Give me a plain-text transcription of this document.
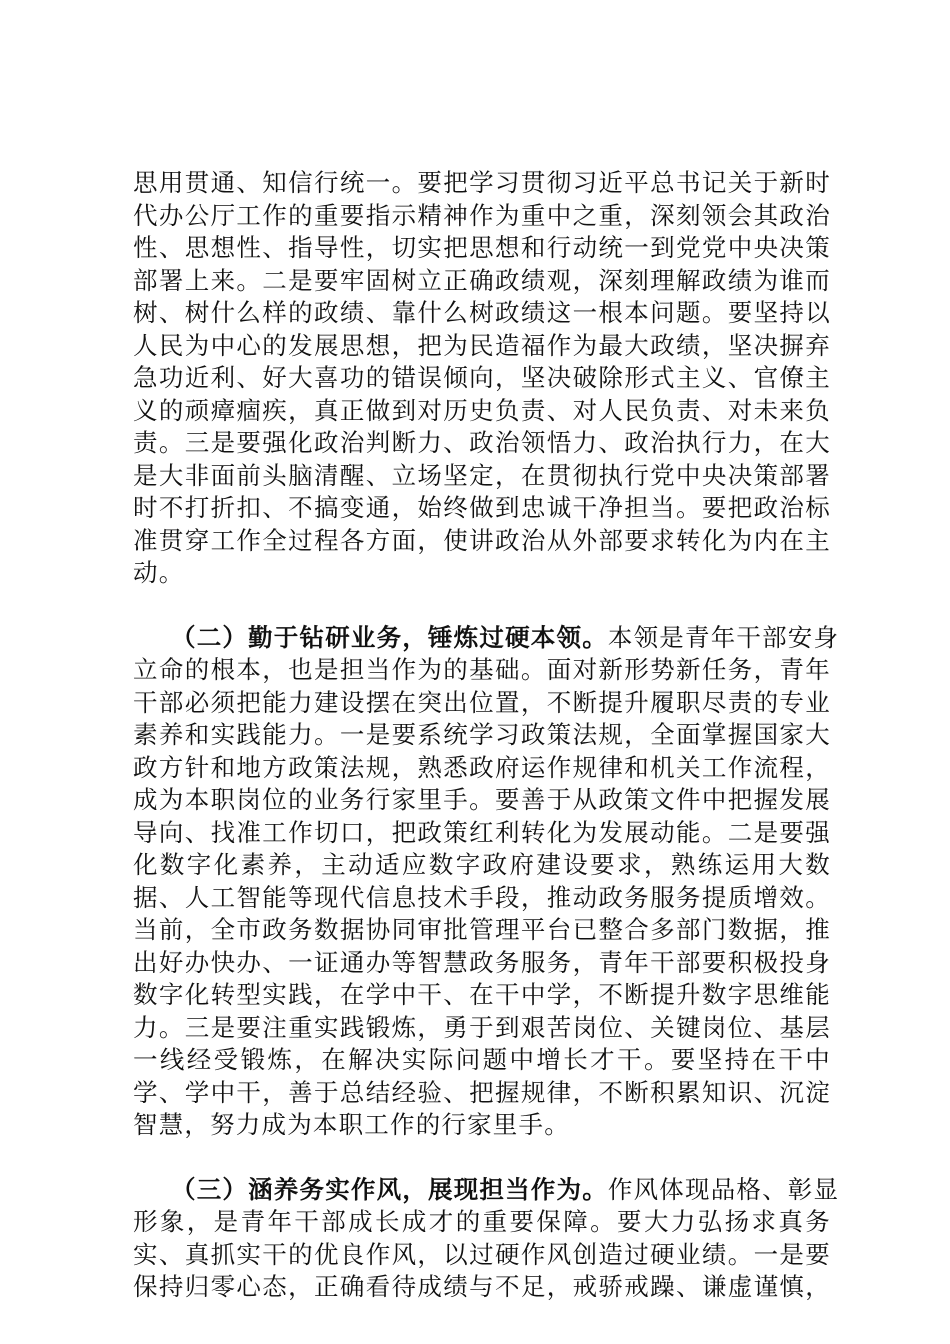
思用贯通、知信行统一。要把学习贯彻习近平总书记关于新时
代办公厅工作的重要指示精神作为重中之重，深刻领会其政治
性、思想性、指导性，切实把思想和行动统一到党党中央决策
部署上来。二是要牢固树立正确政绩观，深刻理解政绩为谁而
树、树什么样的政绩、靠什么树政绩这一根本问题。要坚持以
人民为中心的发展思想，把为民造福作为最大政绩，坚决摒弃
急功近利、好大喜功的错误倾向，坚决破除形式主义、官僚主
义的顽瘴痼疾，真正做到对历史负责、对人民负责、对未来负
责。三是要强化政治判断力、政治领悟力、政治执行力，在大
是大非面前头脑清醒、立场坚定，在贯彻执行党中央决策部署
时不打折扣、不搞变通，始终做到忠诚干净担当。要把政治标
准贯穿工作全过程各方面，使讲政治从外部要求转化为内在主
动。
（二）勤于钻研业务，锤炼过硬本领。本领是青年干部安身
立命的根本，也是担当作为的基础。面对新形势新任务，青年
干部必须把能力建设摆在突出位置，不断提升履职尽责的专业
素养和实践能力。一是要系统学习政策法规，全面掌握国家大
政方针和地方政策法规，熟悉政府运作规律和机关工作流程，
成为本职岗位的业务行家里手。要善于从政策文件中把握发展
导向、找准工作切口，把政策红利转化为发展动能。二是要强
化数字化素养，主动适应数字政府建设要求，熟练运用大数
据、人工智能等现代信息技术手段，推动政务服务提质增效。
当前，全市政务数据协同审批管理平台已整合多部门数据，推
出好办快办、一证通办等智慧政务服务，青年干部要积极投身
数字化转型实践，在学中干、在干中学，不断提升数字思维能
力。三是要注重实践锻炼，勇于到艰苦岗位、关键岗位、基层
一线经受锻炼，在解决实际问题中增长才干。要坚持在干中
学、学中干，善于总结经验、把握规律，不断积累知识、沉淀
智慧，努力成为本职工作的行家里手。
（三）涵养务实作风，展现担当作为。作风体现品格、彰显
形象，是青年干部成长成才的重要保障。要大力弘扬求真务
实、真抓实干的优良作风，以过硬作风创造过硬业绩。一是要
保持归零心态，正确看待成绩与不足，戒骄戒躁、谦虚谨慎，
